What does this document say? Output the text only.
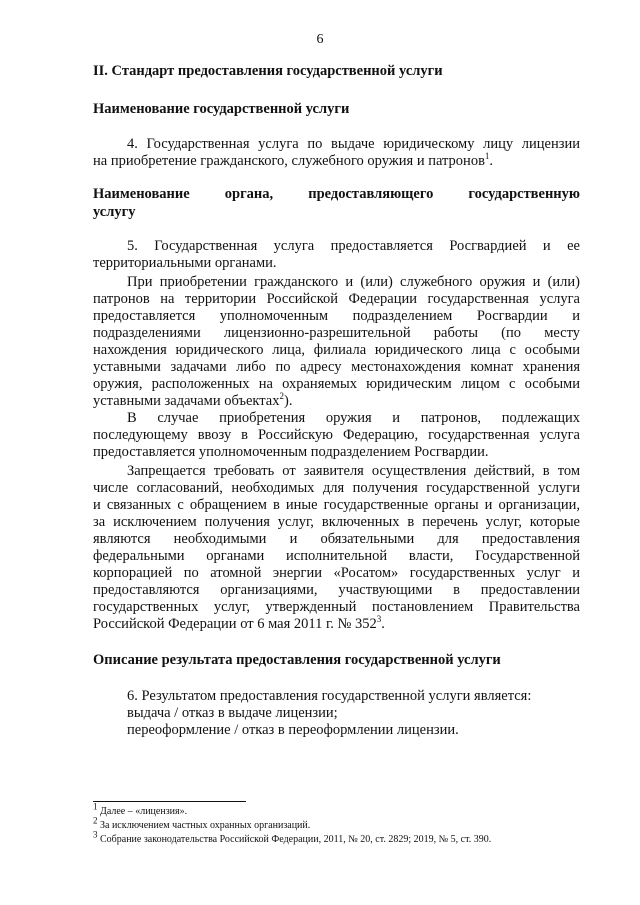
6
II. Стандарт предоставления государственной услуги
Наименование государственной услуги
4. Государственная услуга по выдаче юридическому лицу лицензии
на приобретение гражданского, служебного оружия и патронов$^1$.
Наименование органа, предоставляющего государственную
услугу
5. Государственная услуга предоставляется Росгвардией и ее
территориальными органами.
При приобретении гражданского и (или) служебного оружия и (или)
патронов на территории Российской Федерации государственная услуга
предоставляется уполномоченным подразделением Росгвардии и
подразделениями лицензионно-разрешительной работы (по месту
нахождения юридического лица, филиала юридического лица с особыми
уставными задачами либо по адресу местонахождения комнат хранения
оружия, расположенных на охраняемых юридическим лицом с особыми
уставными задачами объектах$^2$).
В случае приобретения оружия и патронов, подлежащих
последующему ввозу в Российскую Федерацию, государственная услуга
предоставляется уполномоченным подразделением Росгвардии.
Запрещается требовать от заявителя осуществления действий, в том
числе согласований, необходимых для получения государственной услуги
и связанных с обращением в иные государственные органы и организации,
за исключением получения услуг, включенных в перечень услуг, которые
являются необходимыми и обязательными для предоставления
федеральными органами исполнительной власти, Государственной
корпорацией по атомной энергии «Росатом» государственных услуг и
предоставляются организациями, участвующими в предоставлении
государственных услуг, утвержденный постановлением Правительства
Российской Федерации от 6 мая 2011 г. № $352^3$.
Описание результата предоставления государственной услуги
6. Результатом предоставления государственной услуги является:
выдача / отказ в выдаче лицензии;
переоформление / отказ в переоформлении лицензии.
$^1$ Далее – «лицензия».
$^2$ За исключением частных охранных организаций.
$^3$ Собрание законодательства Российской Федерации, 2011, № 20, ст. 2829; 2019, № 5, ст. 390.
